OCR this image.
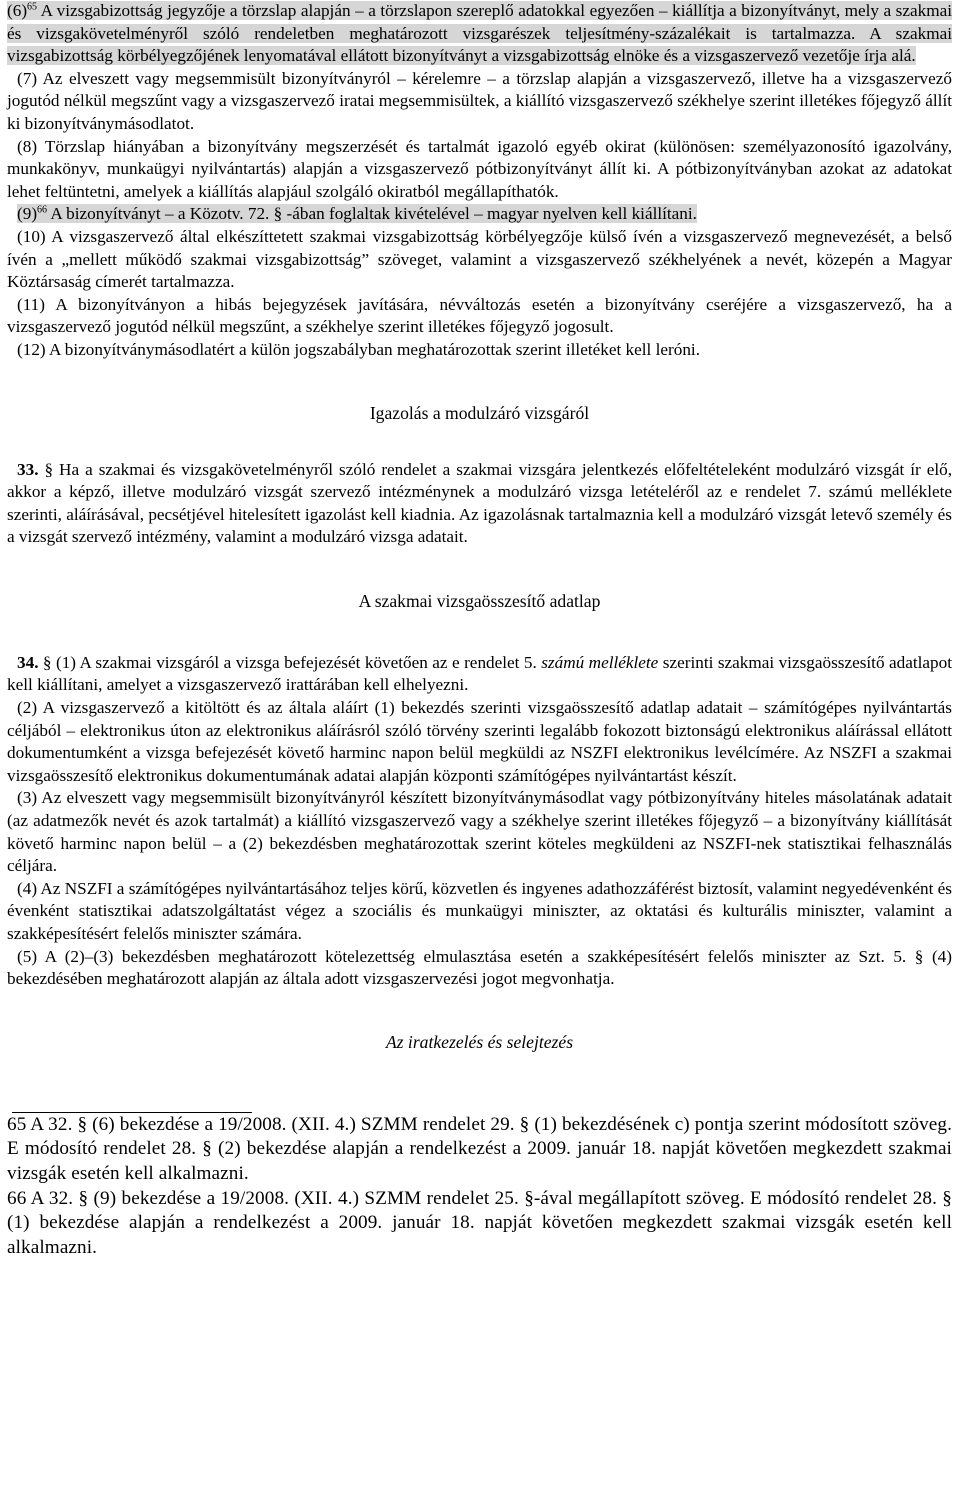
(6)$^{65}$ A vizsgabizottság jegyzője a törzslap alapján – a törzslapon szereplő adatokkal egyezően – kiállítja a bizonyítványt, mely a szakmai és vizsgakövetelményről szóló rendeletben meghatározott vizsgarészek teljesítmény-százalékait is tartalmazza. A szakmai vizsgabizottság körbélyegzőjének lenyomatával ellátott bizonyítványt a vizsgabizottság elnöke és a vizsgaszervező vezetője írja alá.

(7) Az elveszett vagy megsemmisült bizonyítványról – kérelemre – a törzslap alapján a vizsgaszervező, illetve ha a vizsgaszervező jogutód nélkül megszűnt vagy a vizsgaszervező iratai megsemmisültek, a kiállító vizsgaszervező székhelye szerint illetékes főjegyző állít ki bizonyítványmásodlatot.

(8) Törzslap hiányában a bizonyítvány megszerzését és tartalmát igazoló egyéb okirat (különösen: személyazonosító igazolvány, munkakönyv, munkaügyi nyilvántartás) alapján a vizsgaszervező pótbizonyítványt állít ki. A pótbizonyítványban azokat az adatokat lehet feltüntetni, amelyek a kiállítás alapjául szolgáló okiratból megállapíthatók.

(9)$^{66}$ A bizonyítványt – a Közotv. 72. § -ában foglaltak kivételével – magyar nyelven kell kiállítani.

(10) A vizsgaszervező által elkészíttetett szakmai vizsgabizottság körbélyegzője külső ívén a vizsgaszervező megnevezését, a belső ívén a „mellett működő szakmai vizsgabizottság” szöveget, valamint a vizsgaszervező székhelyének a nevét, közepén a Magyar Köztársaság címerét tartalmazza.

(11) A bizonyítványon a hibás bejegyzések javítására, névváltozás esetén a bizonyítvány cseréjére a vizsgaszervező, ha a vizsgaszervező jogutód nélkül megszűnt, a székhelye szerint illetékes főjegyző jogosult.

(12) A bizonyítványmásodlatért a külön jogszabályban meghatározottak szerint illetéket kell leróni.

Igazolás a modulzáró vizsgáról

33. § Ha a szakmai és vizsgakövetelményről szóló rendelet a szakmai vizsgára jelentkezés előfeltételeként modulzáró vizsgát ír elő, akkor a képző, illetve modulzáró vizsgát szervező intézménynek a modulzáró vizsga letételéről az e rendelet 7. számú melléklete szerinti, aláírásával, pecsétjével hitelesített igazolást kell kiadnia. Az igazolásnak tartalmaznia kell a modulzáró vizsgát letevő személy és a vizsgát szervező intézmény, valamint a modulzáró vizsga adatait.

A szakmai vizsgaösszesítő adatlap

34. § (1) A szakmai vizsgáról a vizsga befejezését követően az e rendelet 5. számú melléklete szerinti szakmai vizsgaösszesítő adatlapot kell kiállítani, amelyet a vizsgaszervező irattárában kell elhelyezni.

(2) A vizsgaszervező a kitöltött és az általa aláírt (1) bekezdés szerinti vizsgaösszesítő adatlap adatait – számítógépes nyilvántartás céljából – elektronikus úton az elektronikus aláírásról szóló törvény szerinti legalább fokozott biztonságú elektronikus aláírással ellátott dokumentumként a vizsga befejezését követő harminc napon belül megküldi az NSZFI elektronikus levélcímére. Az NSZFI a szakmai vizsgaösszesítő elektronikus dokumentumának adatai alapján központi számítógépes nyilvántartást készít.

(3) Az elveszett vagy megsemmisült bizonyítványról készített bizonyítványmásodlat vagy pótbizonyítvány hiteles másolatának adatait (az adatmezők nevét és azok tartalmát) a kiállító vizsgaszervező vagy a székhelye szerint illetékes főjegyző – a bizonyítvány kiállítását követő harminc napon belül – a (2) bekezdésben meghatározottak szerint köteles megküldeni az NSZFI-nek statisztikai felhasználás céljára.

(4) Az NSZFI a számítógépes nyilvántartásához teljes körű, közvetlen és ingyenes adathozzáférést biztosít, valamint negyedévenként és évenként statisztikai adatszolgáltatást végez a szociális és munkaügyi miniszter, az oktatási és kulturális miniszter, valamint a szakképesítésért felelős miniszter számára.

(5) A (2)–(3) bekezdésben meghatározott kötelezettség elmulasztása esetén a szakképesítésért felelős miniszter az Szt. 5. § (4) bekezdésében meghatározott alapján az általa adott vizsgaszervezési jogot megvonhatja.

Az iratkezelés és selejtezés

65 A 32. § (6) bekezdése a 19/2008. (XII. 4.) SZMM rendelet 29. § (1) bekezdésének c) pontja szerint módosított szöveg. E módosító rendelet 28. § (2) bekezdése alapján a rendelkezést a 2009. január 18. napját követően megkezdett szakmai vizsgák esetén kell alkalmazni.

66 A 32. § (9) bekezdése a 19/2008. (XII. 4.) SZMM rendelet 25. §-ával megállapított szöveg. E módosító rendelet 28. § (1) bekezdése alapján a rendelkezést a 2009. január 18. napját követően megkezdett szakmai vizsgák esetén kell alkalmazni.
